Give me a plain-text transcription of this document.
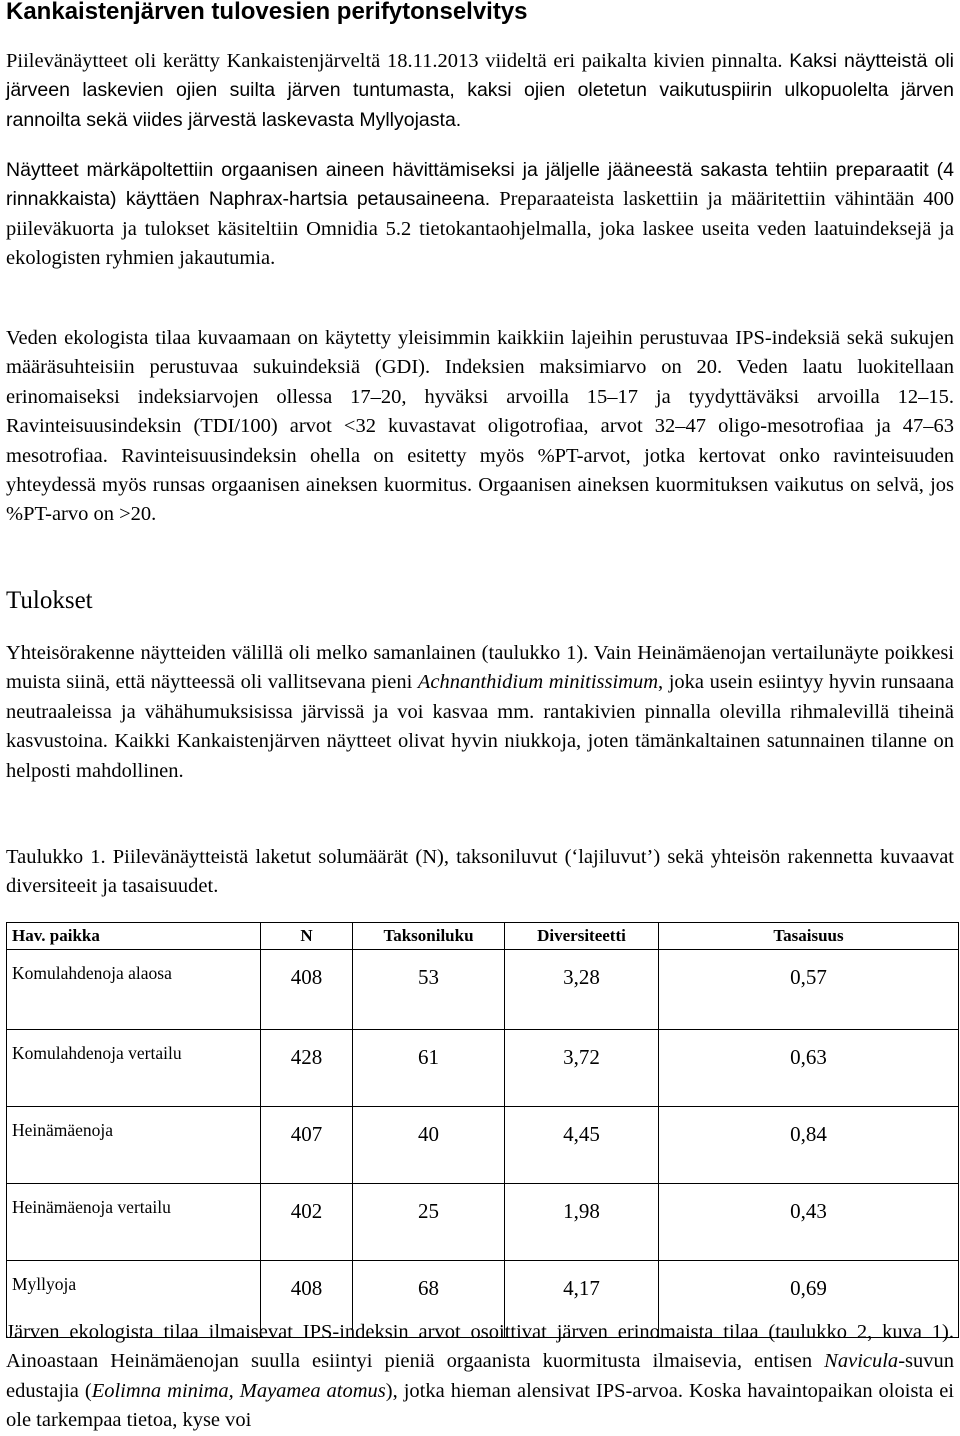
Kankaistenjärven tulovesien perifytonselvitys

Piilevänäytteet oli kerätty Kankaistenjärveltä 18.11.2013 viideltä eri paikalta kivien pinnalta. Kaksi näytteistä oli järveen laskevien ojien suilta järven tuntumasta, kaksi ojien oletetun vaikutuspiirin ulkopuolelta järven rannoilta sekä viides järvestä laskevasta Myllyojasta.

Näytteet märkäpoltettiin orgaanisen aineen hävittämiseksi ja jäljelle jääneestä sakasta tehtiin preparaatit (4 rinnakkaista) käyttäen Naphrax-hartsia petausaineena. Preparaateista laskettiin ja määritettiin vähintään 400 piileväkuorta ja tulokset käsiteltiin Omnidia 5.2 tietokantaohjelmalla, joka laskee useita veden laatuindeksejä ja ekologisten ryhmien jakautumia.

Veden ekologista tilaa kuvaamaan on käytetty yleisimmin kaikkiin lajeihin perustuvaa IPS-indeksiä sekä sukujen määräsuhteisiin perustuvaa sukuindeksiä (GDI). Indeksien maksimiarvo on 20. Veden laatu luokitellaan erinomaiseksi indeksiarvojen ollessa 17–20, hyväksi arvoilla 15–17 ja tyydyttäväksi arvoilla 12–15. Ravinteisuusindeksin (TDI/100) arvot <32 kuvastavat oligotrofiaa, arvot 32–47 oligo-mesotrofiaa ja 47–63 mesotrofiaa. Ravinteisuusindeksin ohella on esitetty myös %PT-arvot, jotka kertovat onko ravinteisuuden yhteydessä myös runsas orgaanisen aineksen kuormitus. Orgaanisen aineksen kuormituksen vaikutus on selvä, jos %PT-arvo on >20.

Tulokset

Yhteisörakenne näytteiden välillä oli melko samanlainen (taulukko 1). Vain Heinämäenojan vertailunäyte poikkesi muista siinä, että näytteessä oli vallitsevana pieni Achnanthidium minitissimum, joka usein esiintyy hyvin runsaana neutraaleissa ja vähähumuksisissa järvissä ja voi kasvaa mm. rantakivien pinnalla olevilla rihmalevillä tiheinä kasvustoina. Kaikki Kankaistenjärven näytteet olivat hyvin niukkoja, joten tämänkaltainen satunnainen tilanne on helposti mahdollinen.

Taulukko 1. Piilevänäytteistä laketut solumäärät (N), taksoniluvut (‘lajiluvut’) sekä yhteisön rakennetta kuvaavat diversiteeit ja tasaisuudet.

Hav. paikka	N	Taksoniluku	Diversiteetti	Tasaisuus
Komulahdenoja alaosa	408	53	3,28	0,57
Komulahdenoja vertailu	428	61	3,72	0,63
Heinämäenoja	407	40	4,45	0,84
Heinämäenoja vertailu	402	25	1,98	0,43
Myllyoja	408	68	4,17	0,69

Järven ekologista tilaa ilmaisevat IPS-indeksin arvot osoittivat järven erinomaista tilaa (taulukko 2, kuva 1). Ainoastaan Heinämäenojan suulla esiintyi pieniä orgaanista kuormitusta ilmaisevia, entisen Navicula-suvun edustajia (Eolimna minima, Mayamea atomus), jotka hieman alensivat IPS-arvoa. Koska havaintopaikan oloista ei ole tarkempaa tietoa, kyse voi
